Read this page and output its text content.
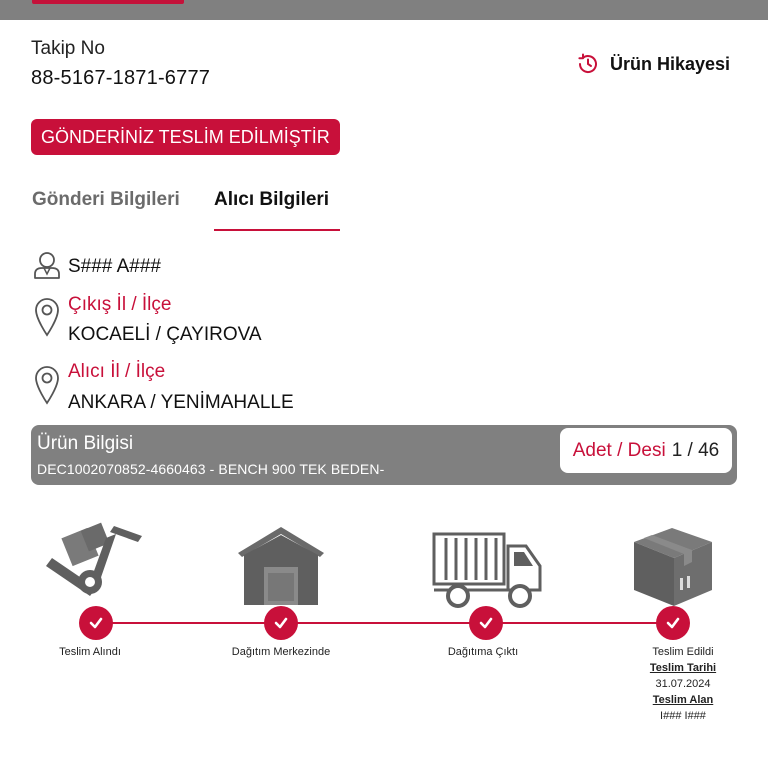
Takip No
88-5167-1871-6777
Ürün Hikayesi
GÖNDERİNİZ TESLİM EDİLMİŞTİR
Gönderi Bilgileri Alıcı Bilgileri
S### A###
Çıkış İl / İlçe
KOCAELİ / ÇAYIROVA
Alıcı İl / İlçe
ANKARA / YENİMAHALLE
Ürün Bilgisi
DEC1002070852-4660463 - BENCH 900 TEK BEDEN-
Adet / Desi 1 / 46
Teslim Alındı	Dağıtım Merkezinde	Dağıtıma Çıktı	Teslim Edildi
Teslim Tarihi
31.07.2024
Teslim Alan
I### I###
